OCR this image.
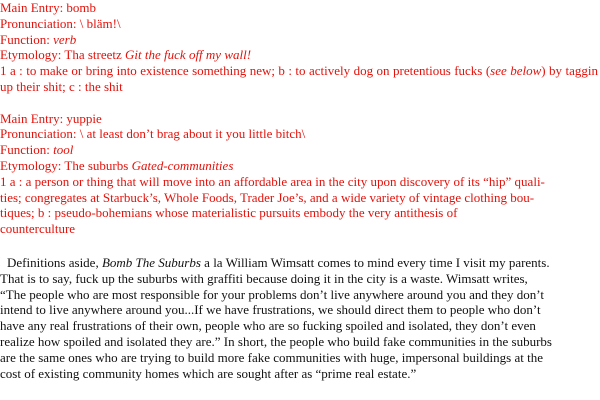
Main Entry: bomb
Pronunciation: \ bläm!\
Function: verb
Etymology: Tha streetz Git the fuck off my wall!
1 a : to make or bring into existence something new; b : to actively dog on pretentious fucks (see below) by taggin up their shit; c : the shit
Main Entry: yuppie
Pronunciation: \ at least don’t brag about it you little bitch\
Function: tool
Etymology: The suburbs Gated-communities
1 a : a person or thing that will move into an affordable area in the city upon discovery of its “hip” quali-
ties; congregates at Starbuck’s, Whole Foods, Trader Joe’s, and a wide variety of vintage clothing bou-
tiques; b : pseudo-bohemians whose materialistic pursuits embody the very antithesis of
counterculture
Definitions aside, Bomb The Suburbs a la William Wimsatt comes to mind every time I visit my parents.
That is to say, fuck up the suburbs with graffiti because doing it in the city is a waste. Wimsatt writes,
“The people who are most responsible for your problems don’t live anywhere around you and they don’t
intend to live anywhere around you...If we have frustrations, we should direct them to people who don’t
have any real frustrations of their own, people who are so fucking spoiled and isolated, they don’t even
realize how spoiled and isolated they are.” In short, the people who build fake communities in the suburbs
are the same ones who are trying to build more fake communities with huge, impersonal buildings at the
cost of existing community homes which are sought after as “prime real estate.”
